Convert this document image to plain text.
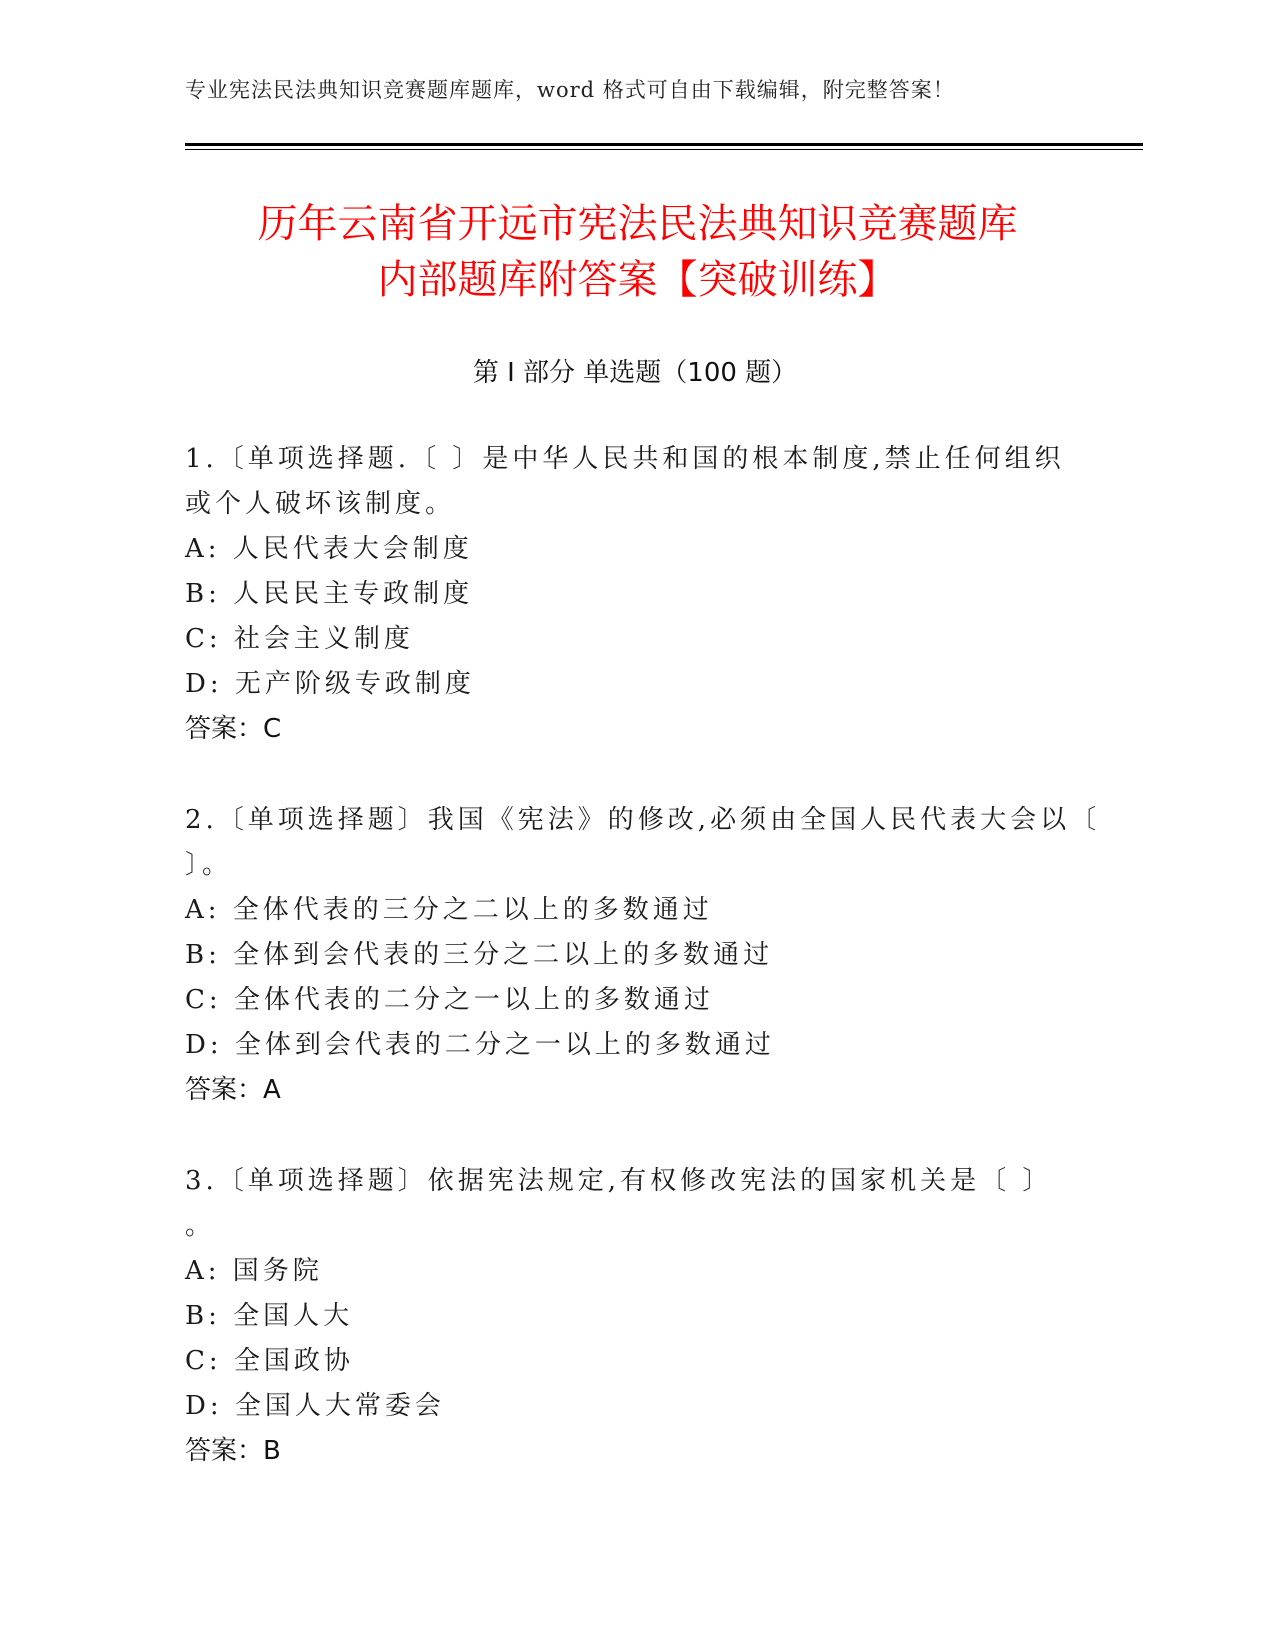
专业宪法民法典知识竞赛题库题库，word 格式可自由下载编辑，附完整答案！
历年云南省开远市宪法民法典知识竞赛题库
内部题库附答案【突破训练】
第 I 部分 单选题（100 题）
1.〔单项选择题.〔 〕是中华人民共和国的根本制度,禁止任何组织
或个人破坏该制度。
A: 人民代表大会制度
B: 人民民主专政制度
C: 社会主义制度
D: 无产阶级专政制度
答案：C
2.〔单项选择题〕我国《宪法》的修改,必须由全国人民代表大会以〔
〕。
A: 全体代表的三分之二以上的多数通过
B: 全体到会代表的三分之二以上的多数通过
C: 全体代表的二分之一以上的多数通过
D: 全体到会代表的二分之一以上的多数通过
答案：A
3.〔单项选择题〕依据宪法规定,有权修改宪法的国家机关是〔 〕
。
A: 国务院
B: 全国人大
C: 全国政协
D: 全国人大常委会
答案：B
